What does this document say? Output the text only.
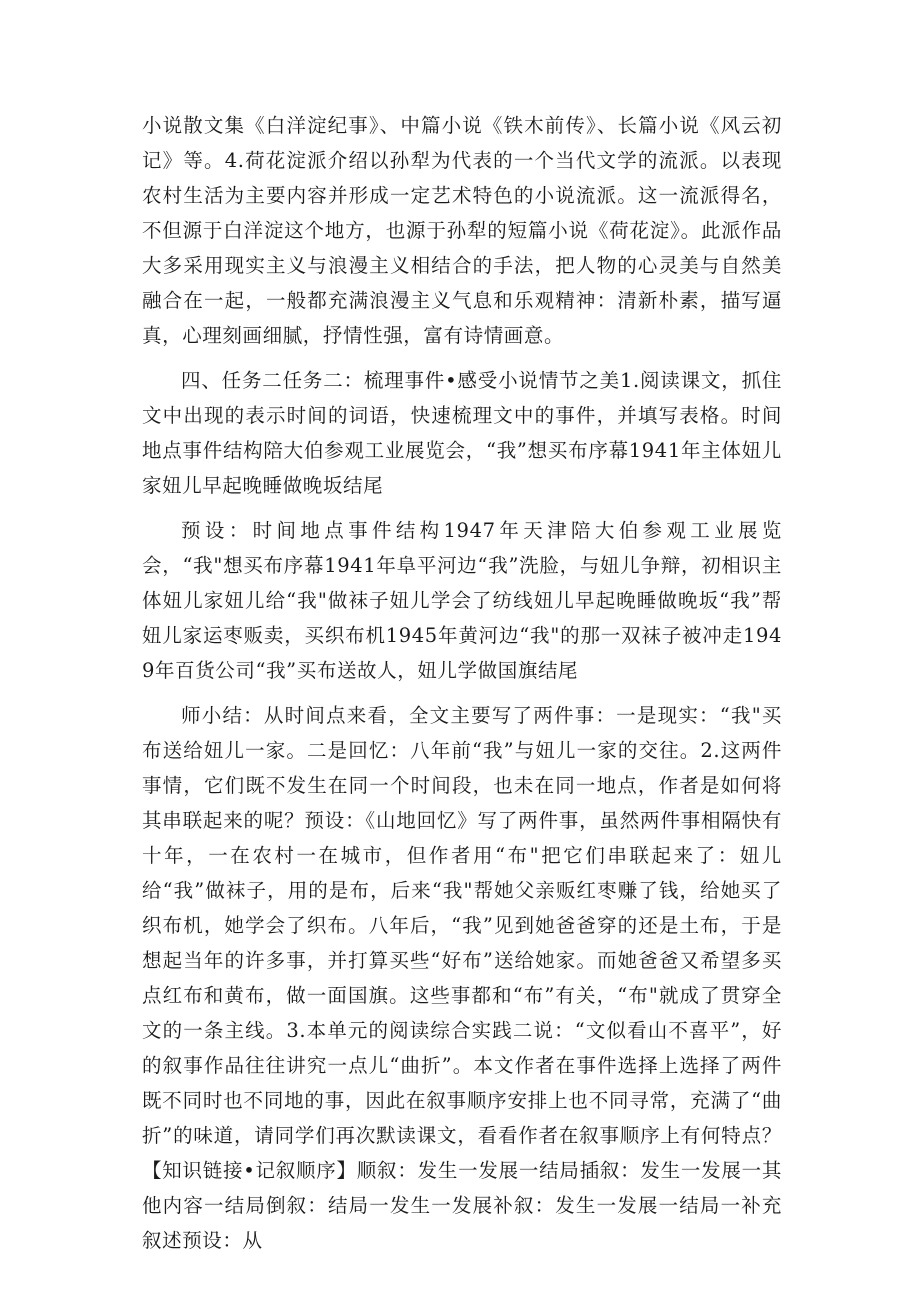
小说散文集《白洋淀纪事》、中篇小说《铁木前传》、长篇小说《风云初记》等。4.荷花淀派介绍以孙犁为代表的一个当代文学的流派。以表现农村生活为主要内容并形成一定艺术特色的小说流派。这一流派得名，不但源于白洋淀这个地方，也源于孙犁的短篇小说《荷花淀》。此派作品大多采用现实主义与浪漫主义相结合的手法，把人物的心灵美与自然美融合在一起，一般都充满浪漫主义气息和乐观精神：清新朴素，描写逼真，心理刻画细腻，抒情性强，富有诗情画意。

四、任务二任务二：梳理事件•感受小说情节之美1.阅读课文，抓住文中出现的表示时间的词语，快速梳理文中的事件，并填写表格。时间地点事件结构陪大伯参观工业展览会，“我”想买布序幕1941年主体妞儿家妞儿早起晚睡做晚坂结尾

预设：时间地点事件结构1947年天津陪大伯参观工业展览会，“我"想买布序幕1941年阜平河边“我”洗脸，与妞儿争辩，初相识主体妞儿家妞儿给“我"做袜子妞儿学会了纺线妞儿早起晚睡做晚坂“我”帮妞儿家运枣贩卖，买织布机1945年黄河边“我"的那一双袜子被冲走1949年百货公司“我”买布送故人，妞儿学做国旗结尾

师小结：从时间点来看，全文主要写了两件事：一是现实：“我"买布送给妞儿一家。二是回忆：八年前“我”与妞儿一家的交往。2.这两件事情，它们既不发生在同一个时间段，也未在同一地点，作者是如何将其串联起来的呢？预设：《山地回忆》写了两件事，虽然两件事相隔快有十年，一在农村一在城市，但作者用“布"把它们串联起来了：妞儿给“我”做袜子，用的是布，后来“我"帮她父亲贩红枣赚了钱，给她买了织布机，她学会了织布。八年后，“我”见到她爸爸穿的还是土布，于是想起当年的许多事，并打算买些“好布”送给她家。而她爸爸又希望多买点红布和黄布，做一面国旗。这些事都和“布”有关，“布"就成了贯穿全文的一条主线。3.本单元的阅读综合实践二说：“文似看山不喜平”，好的叙事作品往往讲究一点儿“曲折”。本文作者在事件选择上选择了两件既不同时也不同地的事，因此在叙事顺序安排上也不同寻常，充满了“曲折”的味道，请同学们再次默读课文，看看作者在叙事顺序上有何特点？【知识链接•记叙顺序】顺叙：发生一发展一结局插叙：发生一发展一其他内容一结局倒叙：结局一发生一发展补叙：发生一发展一结局一补充叙述预设：从
